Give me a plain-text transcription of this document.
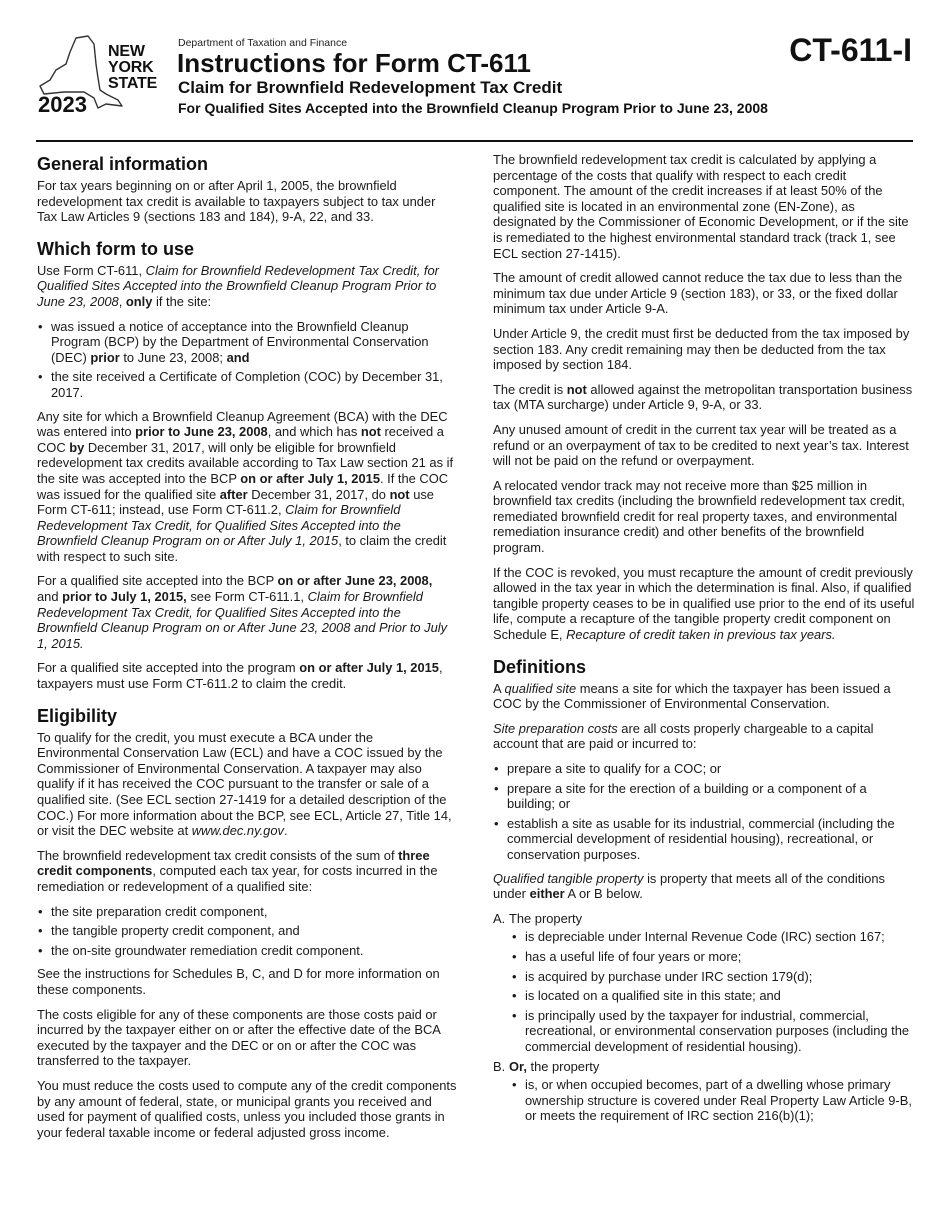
NEW YORK STATE
2023
Department of Taxation and Finance
Instructions for Form CT-611
Claim for Brownfield Redevelopment Tax Credit
For Qualified Sites Accepted into the Brownfield Cleanup Program Prior to June 23, 2008
CT-611-I
General information

For tax years beginning on or after April 1, 2005, the brownfield redevelopment tax credit is available to taxpayers subject to tax under Tax Law Articles 9 (sections 183 and 184), 9-A, 22, and 33.

Which form to use

Use Form CT-611, Claim for Brownfield Redevelopment Tax Credit, for Qualified Sites Accepted into the Brownfield Cleanup Program Prior to June 23, 2008, only if the site:

• was issued a notice of acceptance into the Brownfield Cleanup Program (BCP) by the Department of Environmental Conservation (DEC) prior to June 23, 2008; and
• the site received a Certificate of Completion (COC) by December 31, 2017.

Any site for which a Brownfield Cleanup Agreement (BCA) with the DEC was entered into prior to June 23, 2008, and which has not received a COC by December 31, 2017, will only be eligible for brownfield redevelopment tax credits available according to Tax Law section 21 as if the site was accepted into the BCP on or after July 1, 2015. If the COC was issued for the qualified site after December 31, 2017, do not use Form CT-611; instead, use Form CT-611.2, Claim for Brownfield Redevelopment Tax Credit, for Qualified Sites Accepted into the Brownfield Cleanup Program on or After July 1, 2015, to claim the credit with respect to such site.

For a qualified site accepted into the BCP on or after June 23, 2008, and prior to July 1, 2015, see Form CT-611.1, Claim for Brownfield Redevelopment Tax Credit, for Qualified Sites Accepted into the Brownfield Cleanup Program on or After June 23, 2008 and Prior to July 1, 2015.

For a qualified site accepted into the program on or after July 1, 2015, taxpayers must use Form CT-611.2 to claim the credit.

Eligibility

To qualify for the credit, you must execute a BCA under the Environmental Conservation Law (ECL) and have a COC issued by the Commissioner of Environmental Conservation. A taxpayer may also qualify if it has received the COC pursuant to the transfer or sale of a qualified site. (See ECL section 27-1419 for a detailed description of the COC.) For more information about the BCP, see ECL, Article 27, Title 14, or visit the DEC website at www.dec.ny.gov.

The brownfield redevelopment tax credit consists of the sum of three credit components, computed each tax year, for costs incurred in the remediation or redevelopment of a qualified site:

• the site preparation credit component,
• the tangible property credit component, and
• the on-site groundwater remediation credit component.

See the instructions for Schedules B, C, and D for more information on these components.

The costs eligible for any of these components are those costs paid or incurred by the taxpayer either on or after the effective date of the BCA executed by the taxpayer and the DEC or on or after the COC was transferred to the taxpayer.

You must reduce the costs used to compute any of the credit components by any amount of federal, state, or municipal grants you received and used for payment of qualified costs, unless you included those grants in your federal taxable income or federal adjusted gross income.

The brownfield redevelopment tax credit is calculated by applying a percentage of the costs that qualify with respect to each credit component. The amount of the credit increases if at least 50% of the qualified site is located in an environmental zone (EN-Zone), as designated by the Commissioner of Economic Development, or if the site is remediated to the highest environmental standard track (track 1, see ECL section 27-1415).

The amount of credit allowed cannot reduce the tax due to less than the minimum tax due under Article 9 (section 183), or 33, or the fixed dollar minimum tax under Article 9-A.

Under Article 9, the credit must first be deducted from the tax imposed by section 183. Any credit remaining may then be deducted from the tax imposed by section 184.

The credit is not allowed against the metropolitan transportation business tax (MTA surcharge) under Article 9, 9-A, or 33.

Any unused amount of credit in the current tax year will be treated as a refund or an overpayment of tax to be credited to next year’s tax. Interest will not be paid on the refund or overpayment.

A relocated vendor track may not receive more than $25 million in brownfield tax credits (including the brownfield redevelopment tax credit, remediated brownfield credit for real property taxes, and environmental remediation insurance credit) and other benefits of the brownfield program.

If the COC is revoked, you must recapture the amount of credit previously allowed in the tax year in which the determination is final. Also, if qualified tangible property ceases to be in qualified use prior to the end of its useful life, compute a recapture of the tangible property credit component on Schedule E, Recapture of credit taken in previous tax years.

Definitions

A qualified site means a site for which the taxpayer has been issued a COC by the Commissioner of Environmental Conservation.

Site preparation costs are all costs properly chargeable to a capital account that are paid or incurred to:

• prepare a site to qualify for a COC; or
• prepare a site for the erection of a building or a component of a building; or
• establish a site as usable for its industrial, commercial (including the commercial development of residential housing), recreational, or conservation purposes.

Qualified tangible property is property that meets all of the conditions under either A or B below.

A. The property
• is depreciable under Internal Revenue Code (IRC) section 167;
• has a useful life of four years or more;
• is acquired by purchase under IRC section 179(d);
• is located on a qualified site in this state; and
• is principally used by the taxpayer for industrial, commercial, recreational, or environmental conservation purposes (including the commercial development of residential housing).
B. Or, the property
• is, or when occupied becomes, part of a dwelling whose primary ownership structure is covered under Real Property Law Article 9-B, or meets the requirement of IRC section 216(b)(1);
